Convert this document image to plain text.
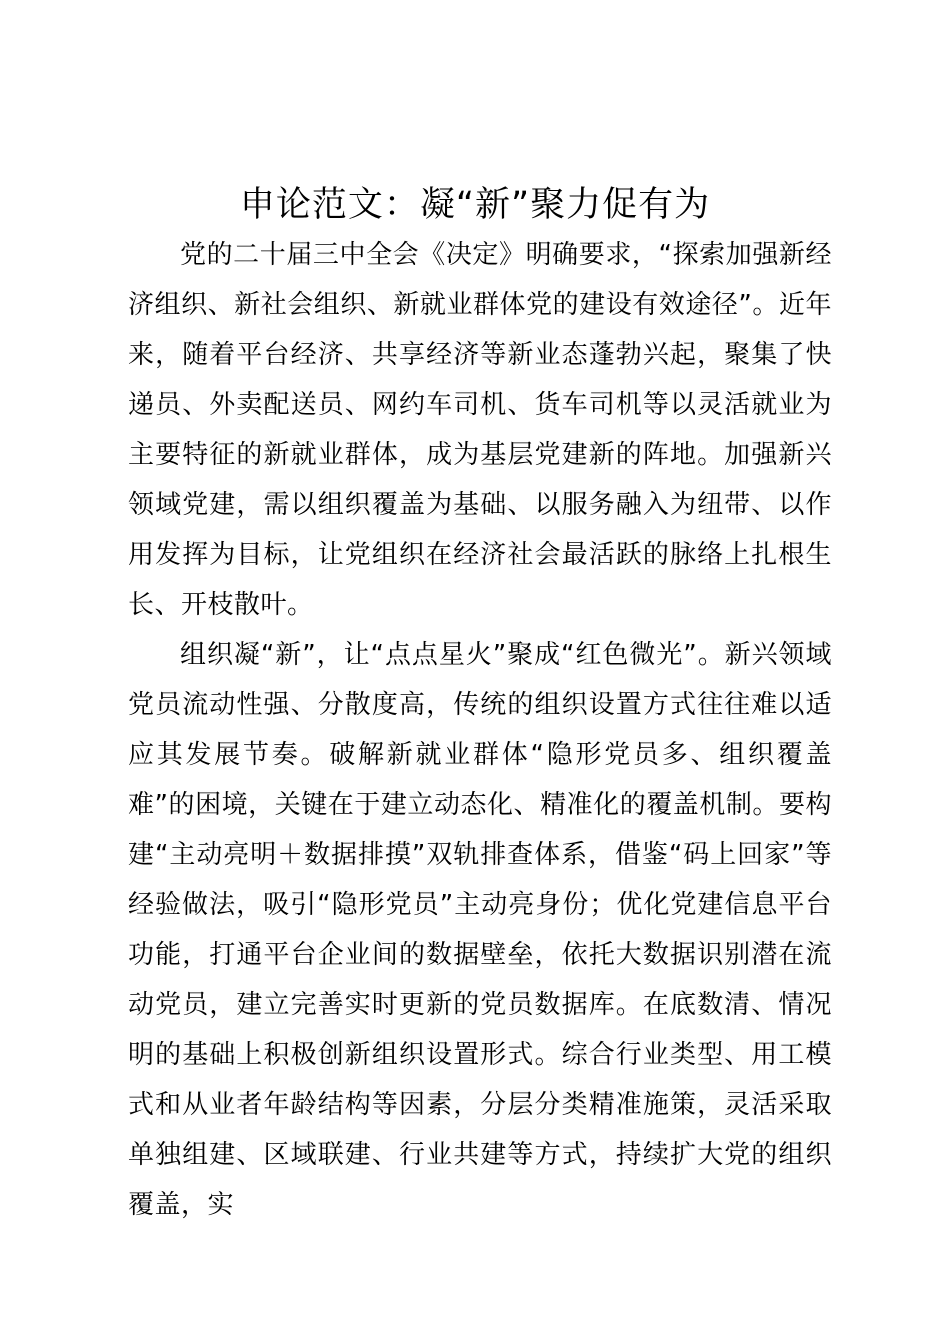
申论范文：凝“新”聚力促有为

党的二十届三中全会《决定》明确要求，“探索加强新经济组织、新社会组织、新就业群体党的建设有效途径”。近年来，随着平台经济、共享经济等新业态蓬勃兴起，聚集了快递员、外卖配送员、网约车司机、货车司机等以灵活就业为主要特征的新就业群体，成为基层党建新的阵地。加强新兴领域党建，需以组织覆盖为基础、以服务融入为纽带、以作用发挥为目标，让党组织在经济社会最活跃的脉络上扎根生长、开枝散叶。

组织凝“新”，让“点点星火”聚成“红色微光”。新兴领域党员流动性强、分散度高，传统的组织设置方式往往难以适应其发展节奏。破解新就业群体“隐形党员多、组织覆盖难”的困境，关键在于建立动态化、精准化的覆盖机制。要构建“主动亮明＋数据排摸”双轨排查体系，借鉴“码上回家”等经验做法，吸引“隐形党员”主动亮身份；优化党建信息平台功能，打通平台企业间的数据壁垒，依托大数据识别潜在流动党员，建立完善实时更新的党员数据库。在底数清、情况明的基础上积极创新组织设置形式。综合行业类型、用工模式和从业者年龄结构等因素，分层分类精准施策，灵活采取单独组建、区域联建、行业共建等方式，持续扩大党的组织覆盖，实
